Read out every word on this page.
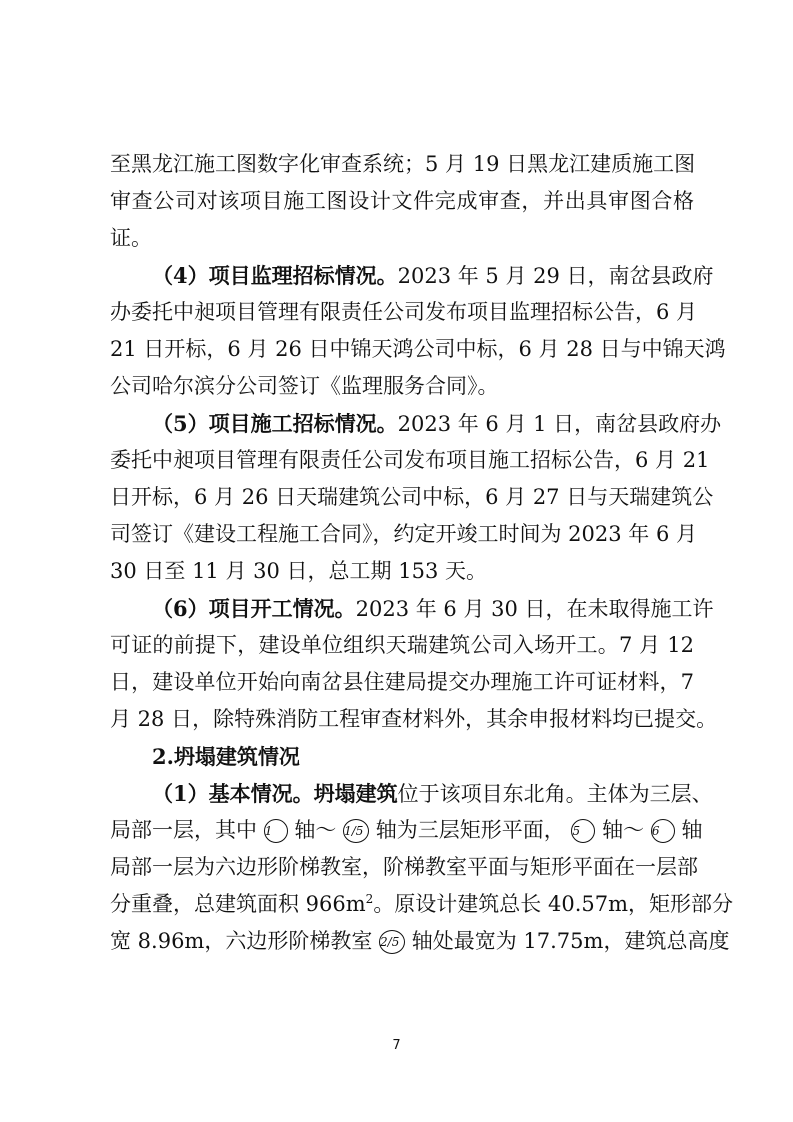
至黑龙江施工图数字化审查系统；5 月 19 日黑龙江建质施工图
审查公司对该项目施工图设计文件完成审查，并出具审图合格
证。
（4）项目监理招标情况。2023 年 5 月 29 日，南岔县政府
办委托中昶项目管理有限责任公司发布项目监理招标公告，6 月
21 日开标，6 月 26 日中锦天鸿公司中标，6 月 28 日与中锦天鸿
公司哈尔滨分公司签订《监理服务合同》。
（5）项目施工招标情况。2023 年 6 月 1 日，南岔县政府办
委托中昶项目管理有限责任公司发布项目施工招标公告，6 月 21
日开标，6 月 26 日天瑞建筑公司中标，6 月 27 日与天瑞建筑公
司签订《建设工程施工合同》，约定开竣工时间为 2023 年 6 月
30 日至 11 月 30 日，总工期 153 天。
（6）项目开工情况。2023 年 6 月 30 日，在未取得施工许
可证的前提下，建设单位组织天瑞建筑公司入场开工。7 月 12
日，建设单位开始向南岔县住建局提交办理施工许可证材料，7
月 28 日，除特殊消防工程审查材料外，其余申报材料均已提交。
2.坍塌建筑情况
（1）基本情况。坍塌建筑位于该项目东北角。主体为三层、
局部一层，其中 1 轴～ 1/5 轴为三层矩形平面， 5 轴～ 6 轴
局部一层为六边形阶梯教室，阶梯教室平面与矩形平面在一层部
分重叠，总建筑面积 $966m^2$。原设计建筑总长 40.57m，矩形部分
宽 8.96m，六边形阶梯教室 2/5 轴处最宽为 17.75m，建筑总高度
7
